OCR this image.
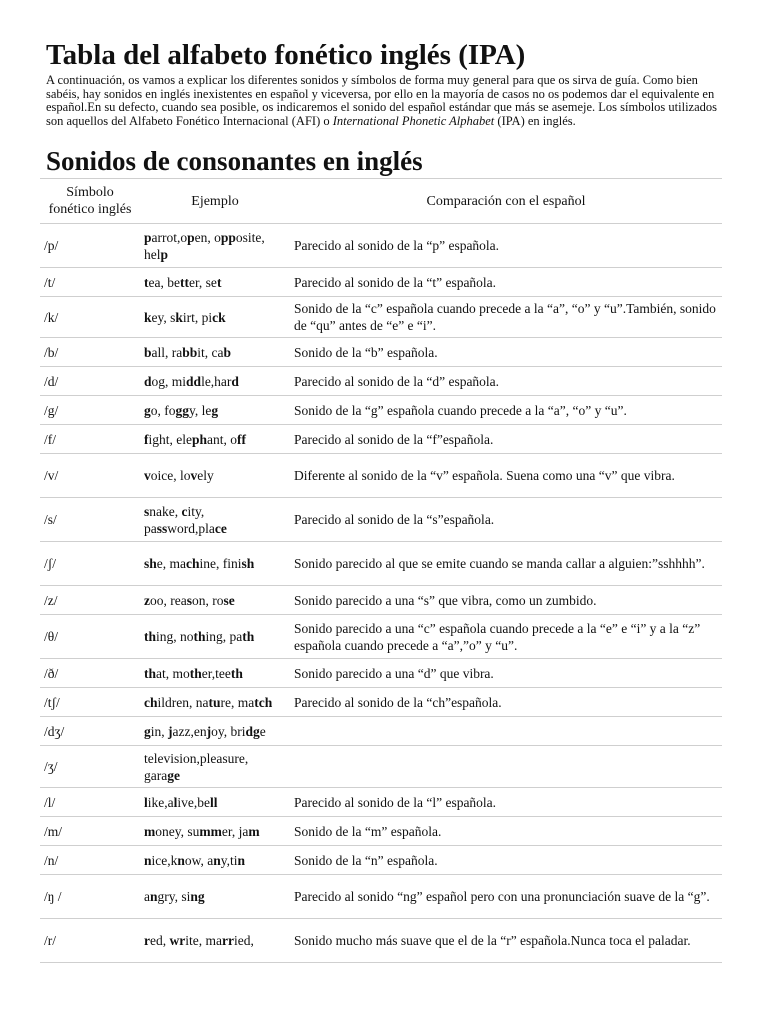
Tabla del alfabeto fonético inglés (IPA)

A continuación, os vamos a explicar los diferentes sonidos y símbolos de forma muy general para que os sirva de guía. Como bien sabéis, hay sonidos en inglés inexistentes en español y viceversa, por ello en la mayoría de casos no os podemos dar el equivalente en español.En su defecto, cuando sea posible, os indicaremos el sonido del español estándar que más se asemeje. Los símbolos utilizados son aquellos del Alfabeto Fonético Internacional (AFI) o International Phonetic Alphabet (IPA) en inglés.

Sonidos de consonantes en inglés
Símbolo fonético inglés	Ejemplo	Comparación con el español
/p/	parrot,open, opposite, help	Parecido al sonido de la “p” española.
/t/	tea, better, set	Parecido al sonido de la “t” española.
/k/	key, skirt, pick	Sonido de la “c” española cuando precede a la “a”, “o” y “u”.También, sonido de “qu” antes de “e” e “i”.
/b/	ball, rabbit, cab	Sonido de la “b” española.
/d/	dog, middle,hard	Parecido al sonido de la “d” española.
/g/	go, foggy, leg	Sonido de la “g” española cuando precede a la “a”, “o” y “u”.
/f/	fight, elephant, off	Parecido al sonido de la “f”española.
/v/	voice, lovely	Diferente al sonido de la “v” española. Suena como una “v” que vibra.
/s/	snake, city, password,place	Parecido al sonido de la “s”española.
/ʃ/	she, machine, finish	Sonido parecido al que se emite cuando se manda callar a alguien:”sshhhh”.
/z/	zoo, reason, rose	Sonido parecido a una “s” que vibra, como un zumbido.
/θ/	thing, nothing, path	Sonido parecido a una “c” española cuando precede a la “e” e “i” y a la “z” española cuando precede a “a”,”o” y “u”.
/ð/	that, mother,teeth	Sonido parecido a una “d” que vibra.
/tʃ/	children, nature, match	Parecido al sonido de la “ch”española.
/dʒ/	gin, jazz,enjoy, bridge	
/ʒ/	television,pleasure, garage	
/l/	like,alive,bell	Parecido al sonido de la “l” española.
/m/	money, summer, jam	Sonido de la “m” española.
/n/	nice,know, any,tin	Sonido de la “n” española.
/ŋ /	angry, sing	Parecido al sonido “ng” español pero con una pronunciación suave de la “g”.
/r/	red, write, married,	Sonido mucho más suave que el de la “r” española.Nunca toca el paladar.
